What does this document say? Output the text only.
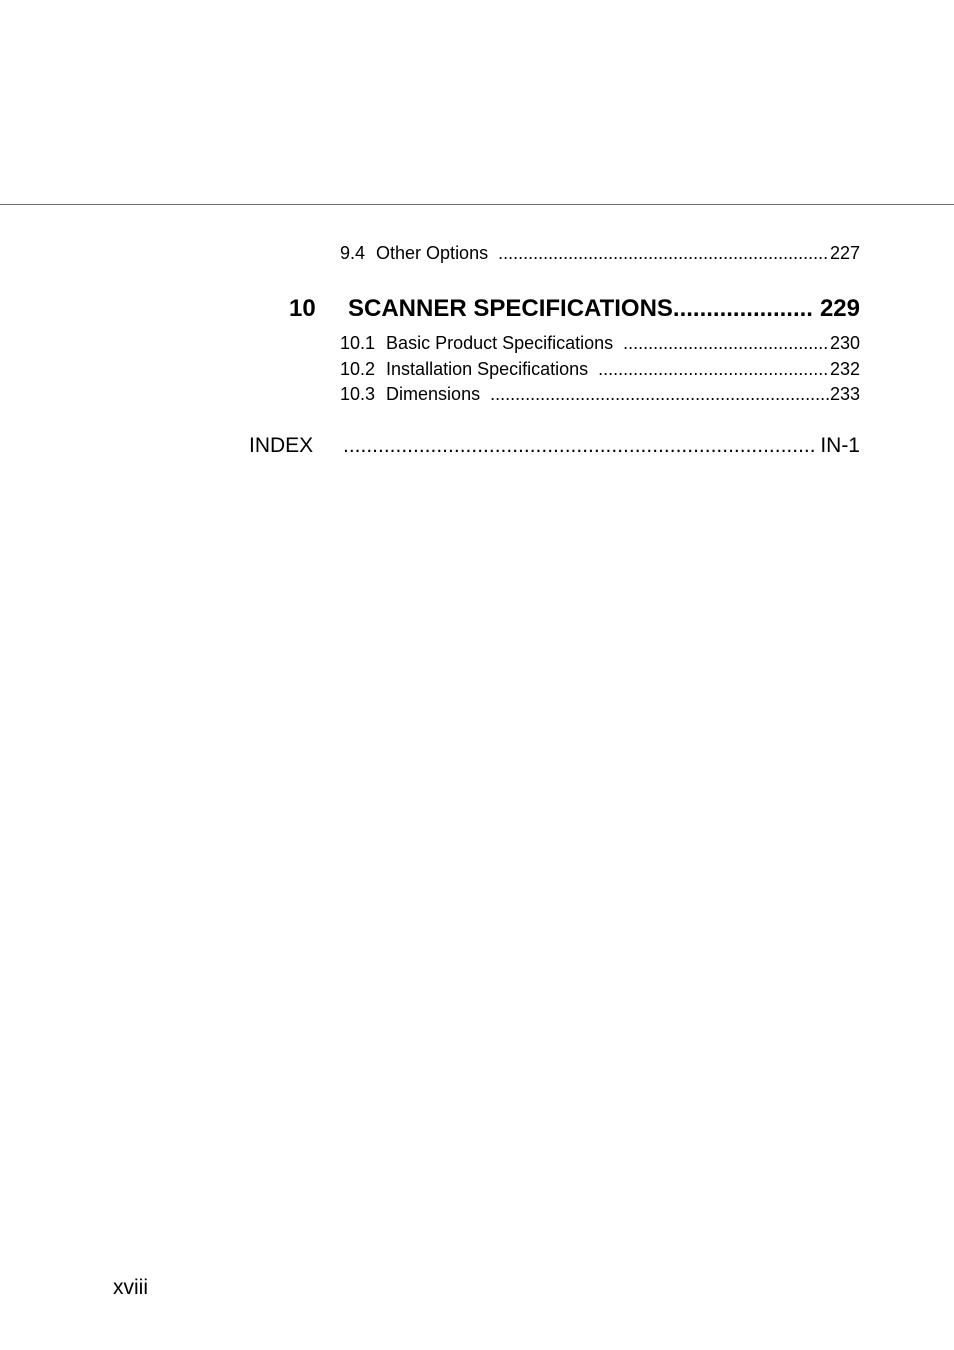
9.4 Other Options .....	227
10	SCANNER SPECIFICATIONS .....	229
10.1 Basic Product Specifications .....	230
10.2 Installation Specifications .....	232
10.3 Dimensions .....	233
INDEX .....	IN-1
xviii
